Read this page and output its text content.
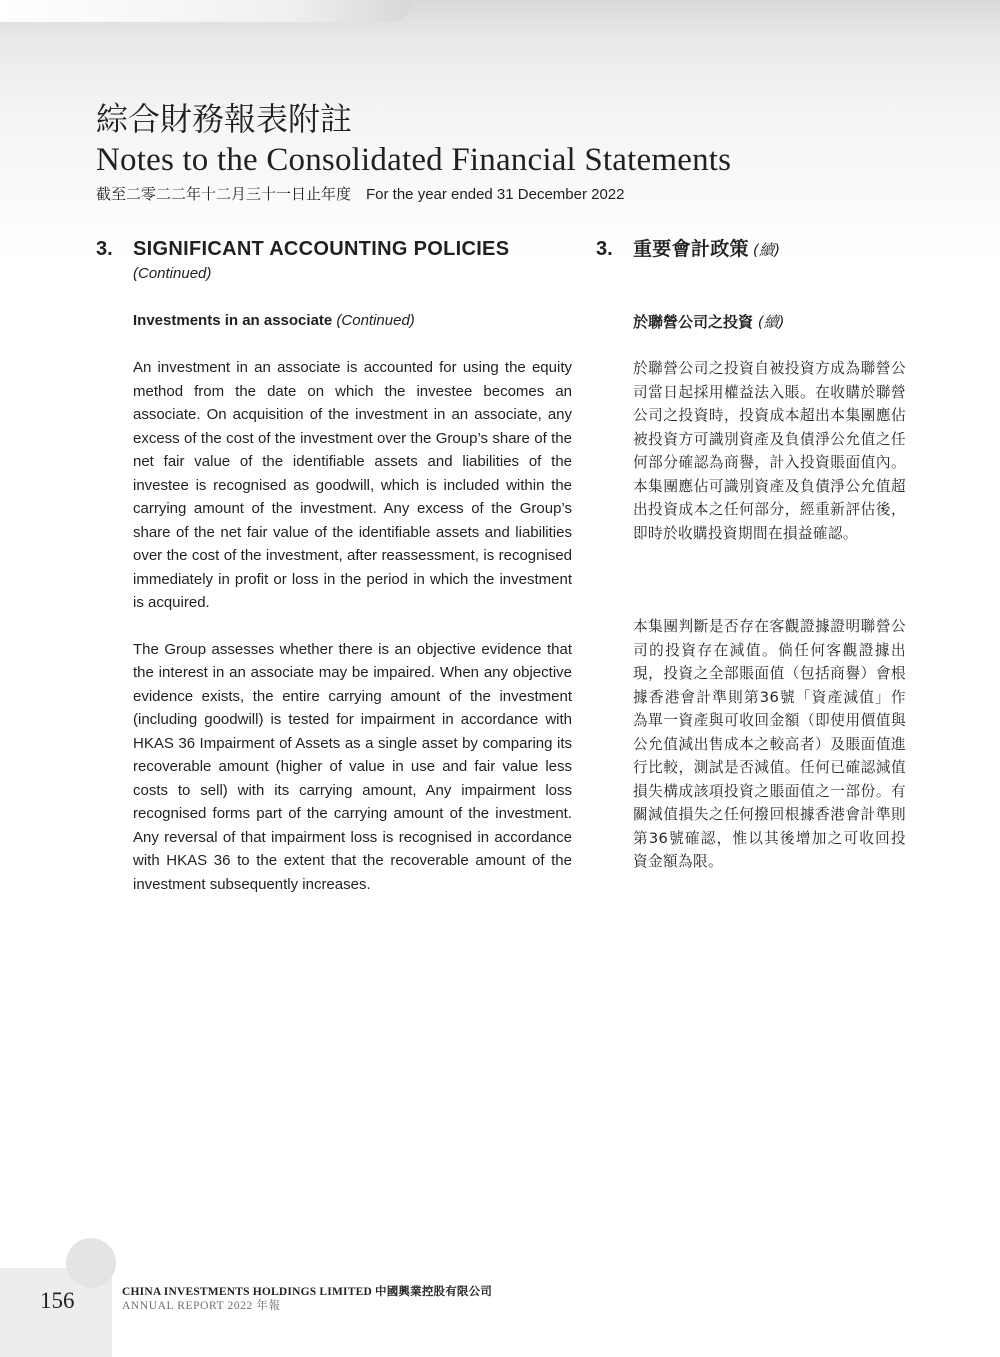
綜合財務報表附註
Notes to the Consolidated Financial Statements
截至二零二二年十二月三十一日止年度　For the year ended 31 December 2022
3.	SIGNIFICANT ACCOUNTING POLICIES
(Continued)
Investments in an associate (Continued)

An investment in an associate is accounted for using the equity method from the date on which the investee becomes an associate. On acquisition of the investment in an associate, any excess of the cost of the investment over the Group’s share of the net fair value of the identifiable assets and liabilities of the investee is recognised as goodwill, which is included within the carrying amount of the investment. Any excess of the Group’s share of the net fair value of the identifiable assets and liabilities over the cost of the investment, after reassessment, is recognised immediately in profit or loss in the period in which the investment is acquired.

The Group assesses whether there is an objective evidence that the interest in an associate may be impaired. When any objective evidence exists, the entire carrying amount of the investment (including goodwill) is tested for impairment in accordance with HKAS 36 Impairment of Assets as a single asset by comparing its recoverable amount (higher of value in use and fair value less costs to sell) with its carrying amount, Any impairment loss recognised forms part of the carrying amount of the investment. Any reversal of that impairment loss is recognised in accordance with HKAS 36 to the extent that the recoverable amount of the investment subsequently increases.

3.	重要會計政策 (續)
於聯營公司之投資 (續)

於聯營公司之投資自被投資方成為聯營公司當日起採用權益法入賬。在收購於聯營公司之投資時，投資成本超出本集團應佔被投資方可識別資產及負債淨公允值之任何部分確認為商譽，計入投資賬面值內。本集團應佔可識別資產及負債淨公允值超出投資成本之任何部分，經重新評估後，即時於收購投資期間在損益確認。

本集團判斷是否存在客觀證據證明聯營公司的投資存在減值。倘任何客觀證據出現，投資之全部賬面值（包括商譽）會根據香港會計準則第36號「資產減值」作為單一資產與可收回金額（即使用價值與公允值減出售成本之較高者）及賬面值進行比較，測試是否減值。任何已確認減值損失構成該項投資之賬面值之一部份。有關減值損失之任何撥回根據香港會計準則第36號確認，惟以其後增加之可收回投資金額為限。

156	CHINA INVESTMENTS HOLDINGS LIMITED 中國興業控股有限公司
ANNUAL REPORT 2022 年報
